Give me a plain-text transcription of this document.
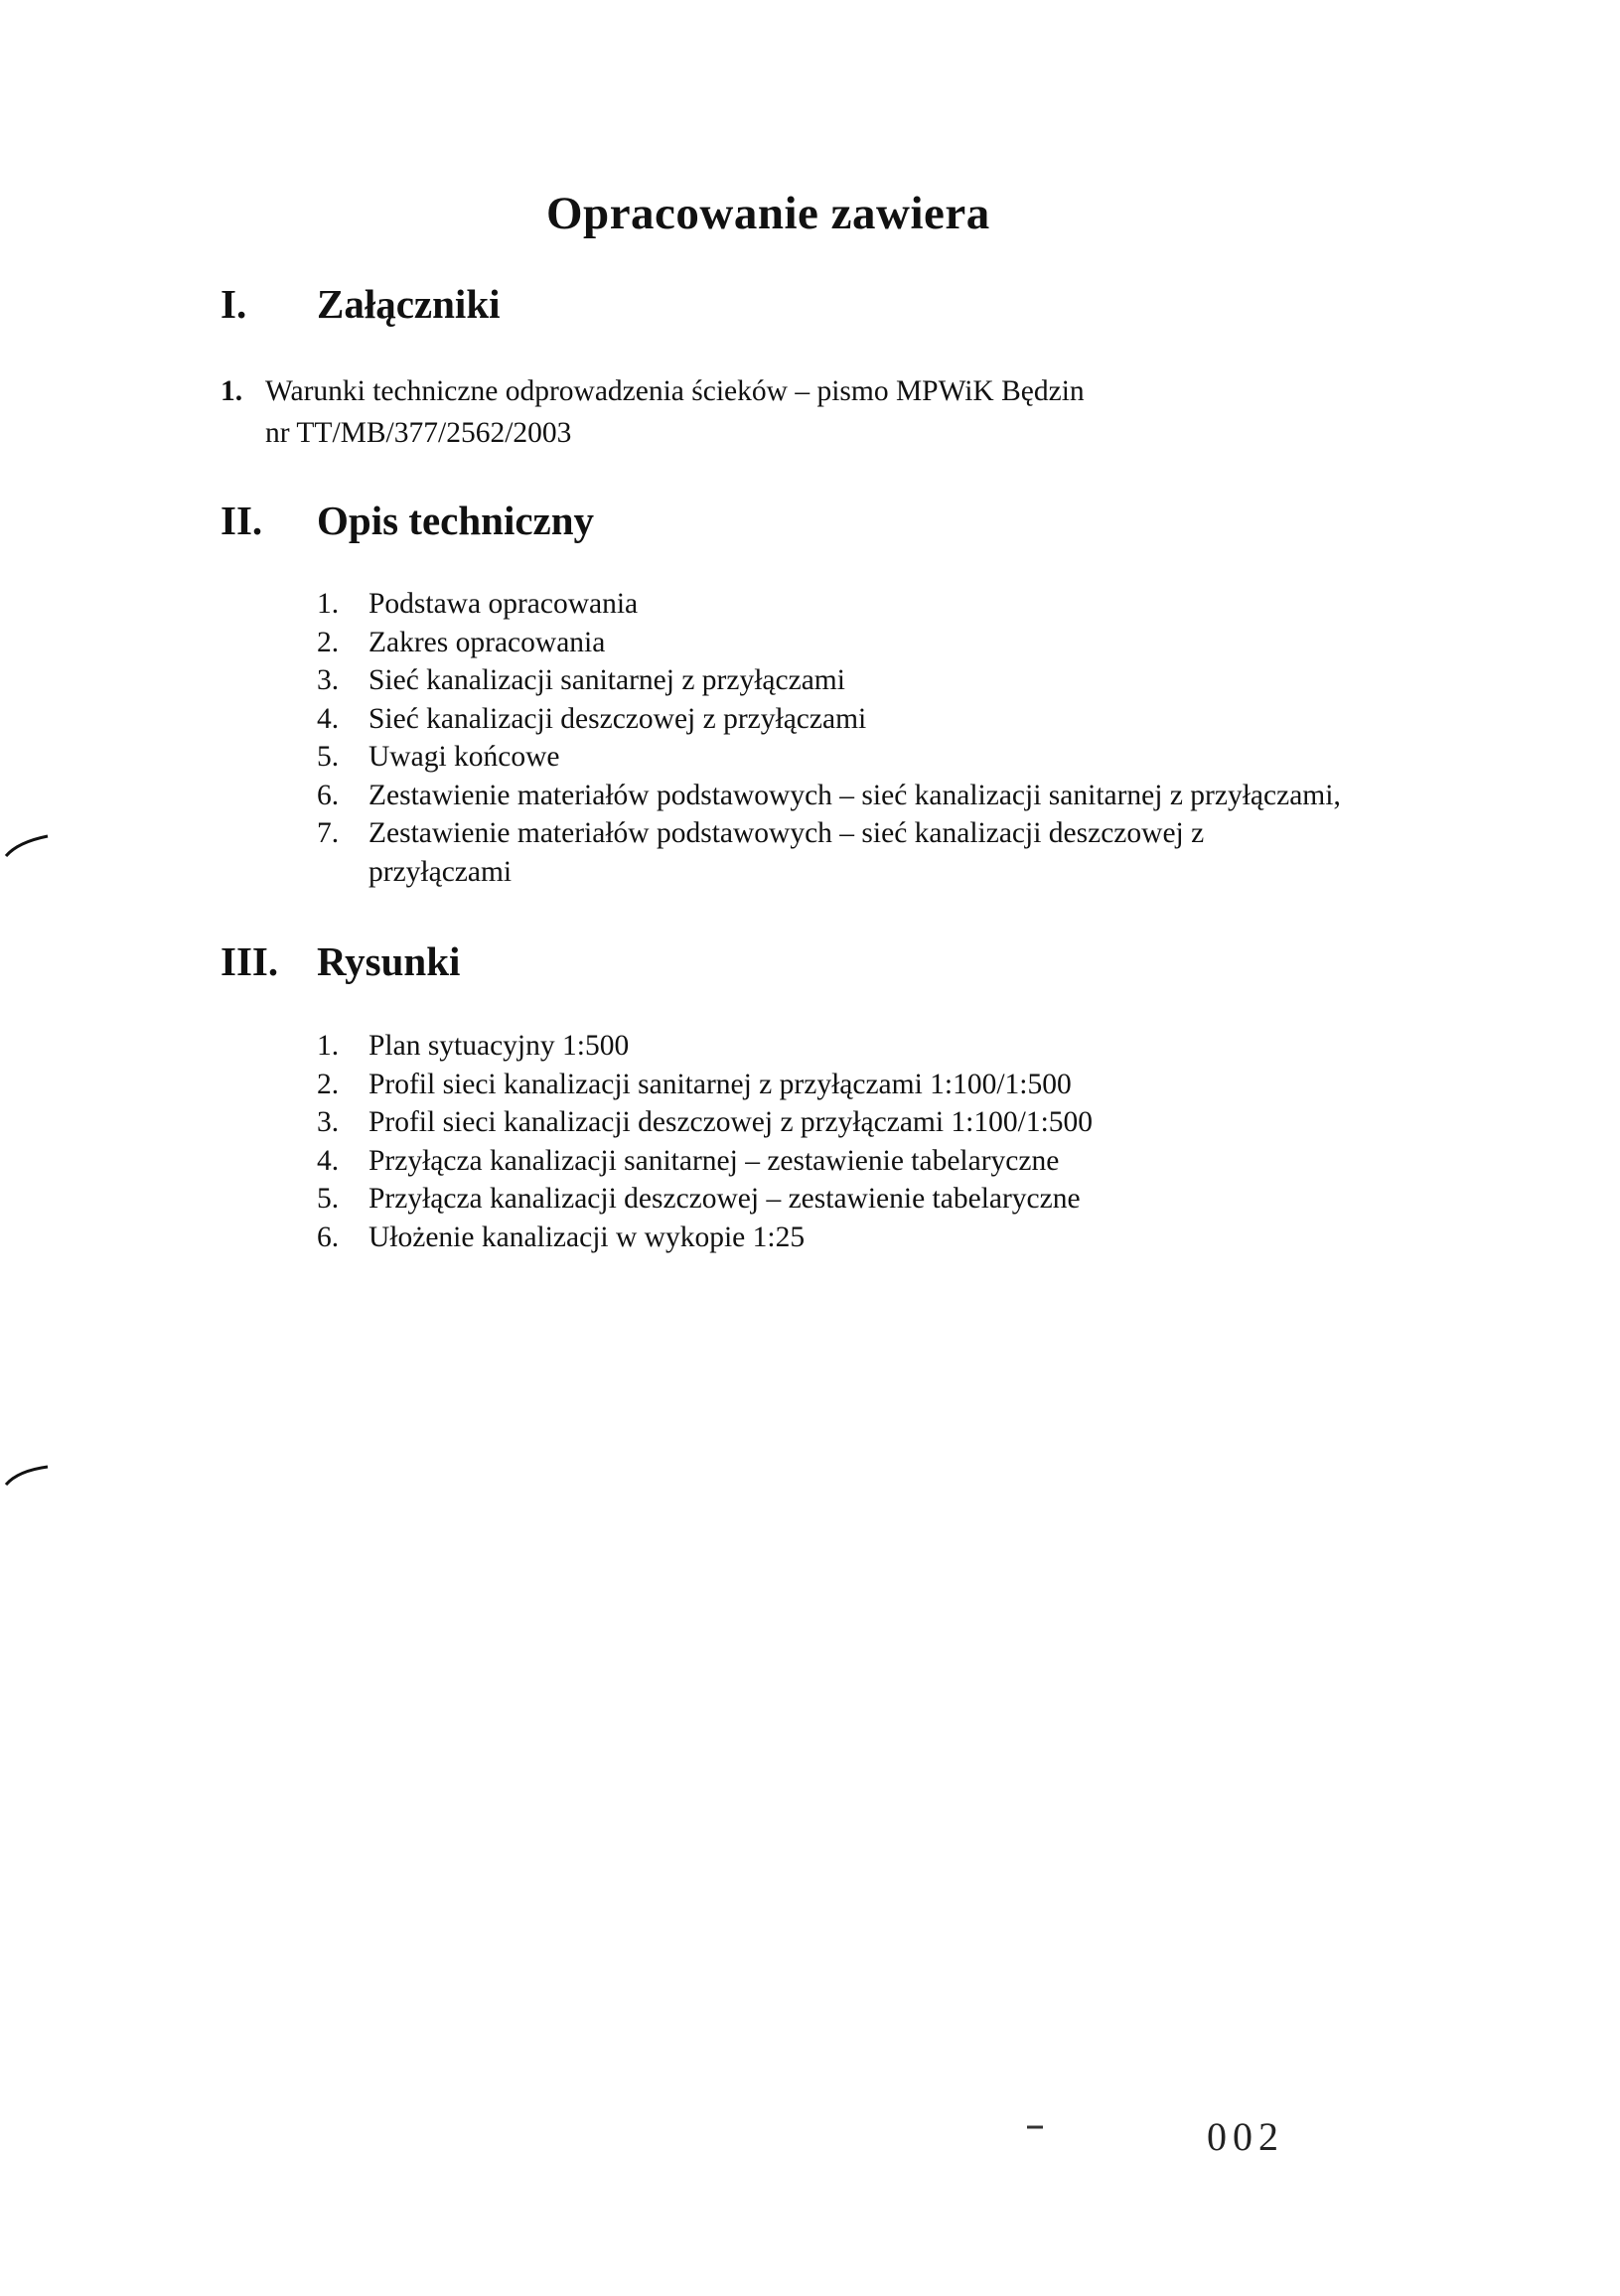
Opracowanie zawiera
I. Załączniki
1. Warunki techniczne odprowadzenia ścieków – pismo MPWiK Będzin
nr TT/MB/377/2562/2003
II. Opis techniczny
1. Podstawa opracowania
2. Zakres opracowania
3. Sieć kanalizacji sanitarnej z przyłączami
4. Sieć kanalizacji deszczowej z przyłączami
5. Uwagi końcowe
6. Zestawienie materiałów podstawowych – sieć kanalizacji sanitarnej z przyłączami,
7. Zestawienie materiałów podstawowych – sieć kanalizacji deszczowej z
przyłączami
III. Rysunki
1. Plan sytuacyjny 1:500
2. Profil sieci kanalizacji sanitarnej z przyłączami 1:100/1:500
3. Profil sieci kanalizacji deszczowej z przyłączami 1:100/1:500
4. Przyłącza kanalizacji sanitarnej – zestawienie tabelaryczne
5. Przyłącza kanalizacji deszczowej – zestawienie tabelaryczne
6. Ułożenie kanalizacji w wykopie 1:25
002
